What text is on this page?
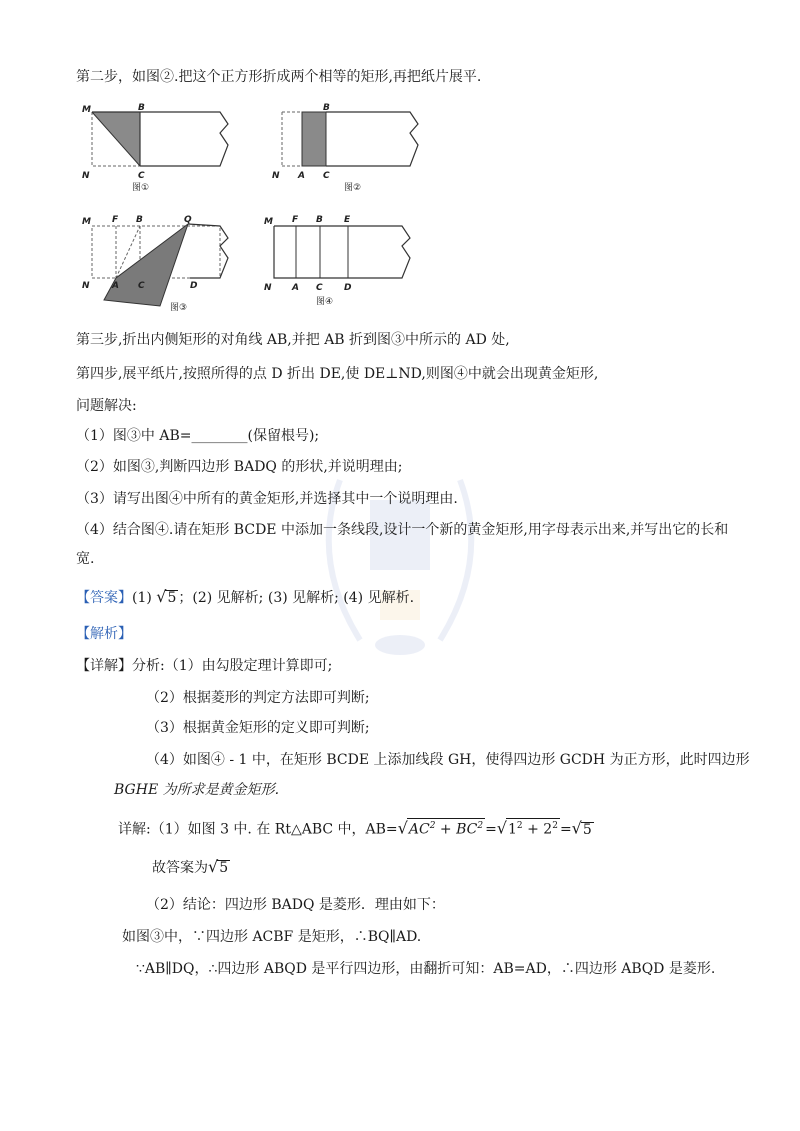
第二步，如图②.把这个正方形折成两个相等的矩形,再把纸片展平.
M	B
N	C
图①
N A C
B
图②
M F B	Q
N A C	D
图③
M F B E
N A C D
图④
第三步,折出内侧矩形的对角线 AB,并把 AB 折到图③中所示的 AD 处,
第四步,展平纸片,按照所得的点 D 折出 DE,使 DE⊥ND,则图④中就会出现黄金矩形,
问题解决:
（1）图③中 AB=________(保留根号);
（2）如图③,判断四边形 BADQ 的形状,并说明理由;
（3）请写出图④中所有的黄金矩形,并选择其中一个说明理由.
（4）结合图④.请在矩形 BCDE 中添加一条线段,设计一个新的黄金矩形,用字母表示出来,并写出它的长和
宽.
【答案】(1) √5 ；(2) 见解析; (3) 见解析; (4) 见解析.
【解析】
【详解】分析:（1）由勾股定理计算即可;
（2）根据菱形的判定方法即可判断;
（3）根据黄金矩形的定义即可判断;
（4）如图④ - 1 中，在矩形 BCDE 上添加线段 GH，使得四边形 GCDH 为正方形，此时四边形
BGHE 为所求是黄金矩形.
详解:（1）如图 3 中. 在 Rt△ABC 中，$AB=√AC^2 + BC^2 =√1^2 + 2^2 =√5$
故答案为√5
（2）结论：四边形 BADQ 是菱形．理由如下：
如图③中，∵四边形 ACBF 是矩形，∴BQ∥AD.
∵AB∥DQ，∴四边形 ABQD 是平行四边形，由翻折可知：AB=AD，∴四边形 ABQD 是菱形.
